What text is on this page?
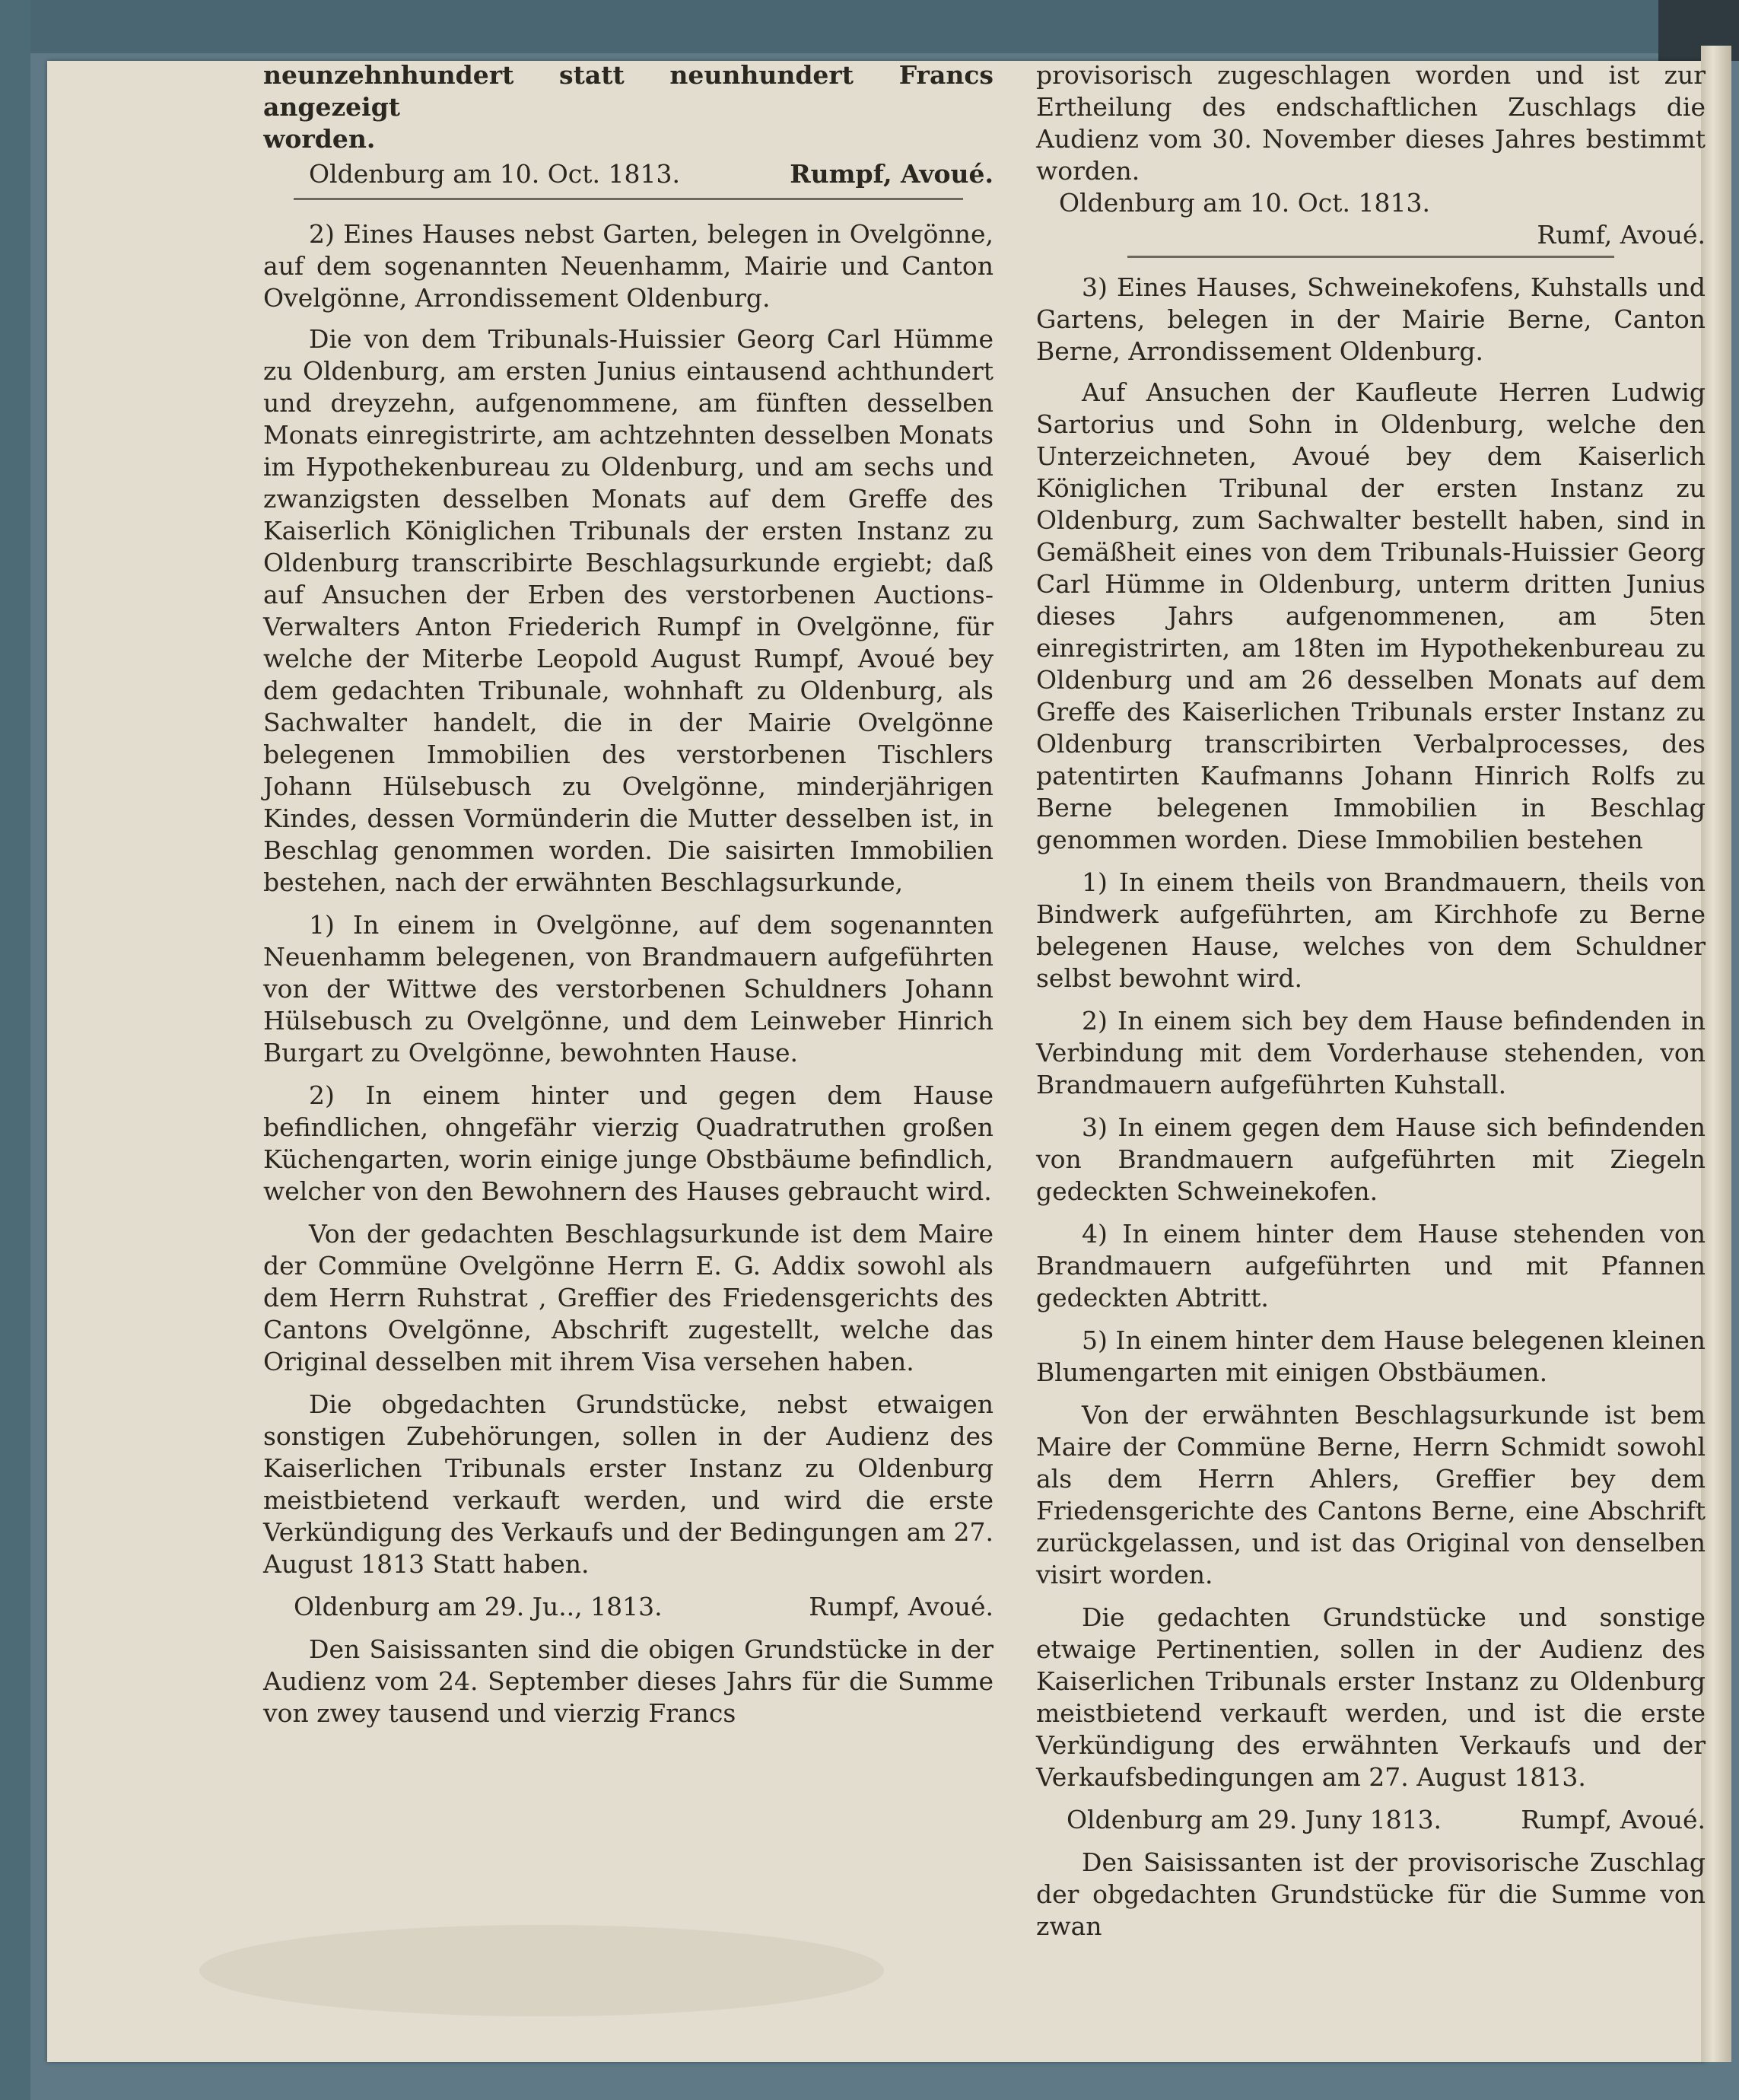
neunzehnhundert statt neunhundert Francs angezeigt
worden.
Oldenburg am 10. Oct. 1813.	Rumpf, Avoué.
2) Eines Hauses nebst Garten, belegen in Ovelgönne, auf dem sogenannten Neuenhamm, Mairie und Canton Ovelgönne, Arrondissement Oldenburg.
Die von dem Tribunals-Huissier Georg Carl Hümme zu Oldenburg, am ersten Junius eintausend achthundert und dreyzehn, aufgenommene, am fünften desselben Monats einregistrirte, am achtzehnten desselben Monats im Hypothekenbureau zu Oldenburg, und am sechs und zwanzigsten desselben Monats auf dem Greffe des Kaiserlich Königlichen Tribunals der ersten Instanz zu Oldenburg transcribirte Beschlagsurkunde ergiebt; daß auf Ansuchen der Erben des verstorbenen Auctions-Verwalters Anton Friederich Rumpf in Ovelgönne, für welche der Miterbe Leopold August Rumpf, Avoué bey dem gedachten Tribunale, wohnhaft zu Oldenburg, als Sachwalter handelt, die in der Mairie Ovelgönne belegenen Immobilien des verstorbenen Tischlers Johann Hülsebusch zu Ovelgönne, minderjährigen Kindes, dessen Vormünderin die Mutter desselben ist, in Beschlag genommen worden. Die saisirten Immobilien bestehen, nach der erwähnten Beschlagsurkunde,
1) In einem in Ovelgönne, auf dem sogenannten Neuenhamm belegenen, von Brandmauern aufgeführten von der Wittwe des verstorbenen Schuldners Johann Hülsebusch zu Ovelgönne, und dem Leinweber Hinrich Burgart zu Ovelgönne, bewohnten Hause.
2) In einem hinter und gegen dem Hause befindlichen, ohngefähr vierzig Quadratruthen großen Küchengarten, worin einige junge Obstbäume befindlich, welcher von den Bewohnern des Hauses gebraucht wird.
Von der gedachten Beschlagsurkunde ist dem Maire der Commüne Ovelgönne Herrn E. G. Addix sowohl als dem Herrn Ruhstrat , Greffier des Friedensgerichts des Cantons Ovelgönne, Abschrift zugestellt, welche das Original desselben mit ihrem Visa versehen haben.
Die obgedachten Grundstücke, nebst etwaigen sonstigen Zubehörungen, sollen in der Audienz des Kaiserlichen Tribunals erster Instanz zu Oldenburg meistbietend verkauft werden, und wird die erste Verkündigung des Verkaufs und der Bedingungen am 27. August 1813 Statt haben.
Oldenburg am 29. Ju.., 1813.	Rumpf, Avoué.
Den Saisissanten sind die obigen Grundstücke in der Audienz vom 24. September dieses Jahrs für die Summe von zwey tausend und vierzig Francs
provisorisch zugeschlagen worden und ist zur Ertheilung des endschaftlichen Zuschlags die Audienz vom 30. November dieses Jahres bestimmt worden.
Oldenburg am 10. Oct. 1813.
Rumf, Avoué.
3) Eines Hauses, Schweinekofens, Kuhstalls und Gartens, belegen in der Mairie Berne, Canton Berne, Arrondissement Oldenburg.
Auf Ansuchen der Kaufleute Herren Ludwig Sartorius und Sohn in Oldenburg, welche den Unterzeichneten, Avoué bey dem Kaiserlich Königlichen Tribunal der ersten Instanz zu Oldenburg, zum Sachwalter bestellt haben, sind in Gemäßheit eines von dem Tribunals-Huissier Georg Carl Hümme in Oldenburg, unterm dritten Junius dieses Jahrs aufgenommenen, am 5ten einregistrirten, am 18ten im Hypothekenbureau zu Oldenburg und am 26 desselben Monats auf dem Greffe des Kaiserlichen Tribunals erster Instanz zu Oldenburg transcribirten Verbalprocesses, des patentirten Kaufmanns Johann Hinrich Rolfs zu Berne belegenen Immobilien in Beschlag genommen worden. Diese Immobilien bestehen
1) In einem theils von Brandmauern, theils von Bindwerk aufgeführten, am Kirchhofe zu Berne belegenen Hause, welches von dem Schuldner selbst bewohnt wird.
2) In einem sich bey dem Hause befindenden in Verbindung mit dem Vorderhause stehenden, von Brandmauern aufgeführten Kuhstall.
3) In einem gegen dem Hause sich befindenden von Brandmauern aufgeführten mit Ziegeln gedeckten Schweinekofen.
4) In einem hinter dem Hause stehenden von Brandmauern aufgeführten und mit Pfannen gedeckten Abtritt.
5) In einem hinter dem Hause belegenen kleinen Blumengarten mit einigen Obstbäumen.
Von der erwähnten Beschlagsurkunde ist bem Maire der Commüne Berne, Herrn Schmidt sowohl als dem Herrn Ahlers, Greffier bey dem Friedensgerichte des Cantons Berne, eine Abschrift zurückgelassen, und ist das Original von denselben visirt worden.
Die gedachten Grundstücke und sonstige etwaige Pertinentien, sollen in der Audienz des Kaiserlichen Tribunals erster Instanz zu Oldenburg meistbietend verkauft werden, und ist die erste Verkündigung des erwähnten Verkaufs und der Verkaufsbedingungen am 27. August 1813.
Oldenburg am 29. Juny 1813.	Rumpf, Avoué.
Den Saisissanten ist der provisorische Zuschlag der obgedachten Grundstücke für die Summe von zwan
